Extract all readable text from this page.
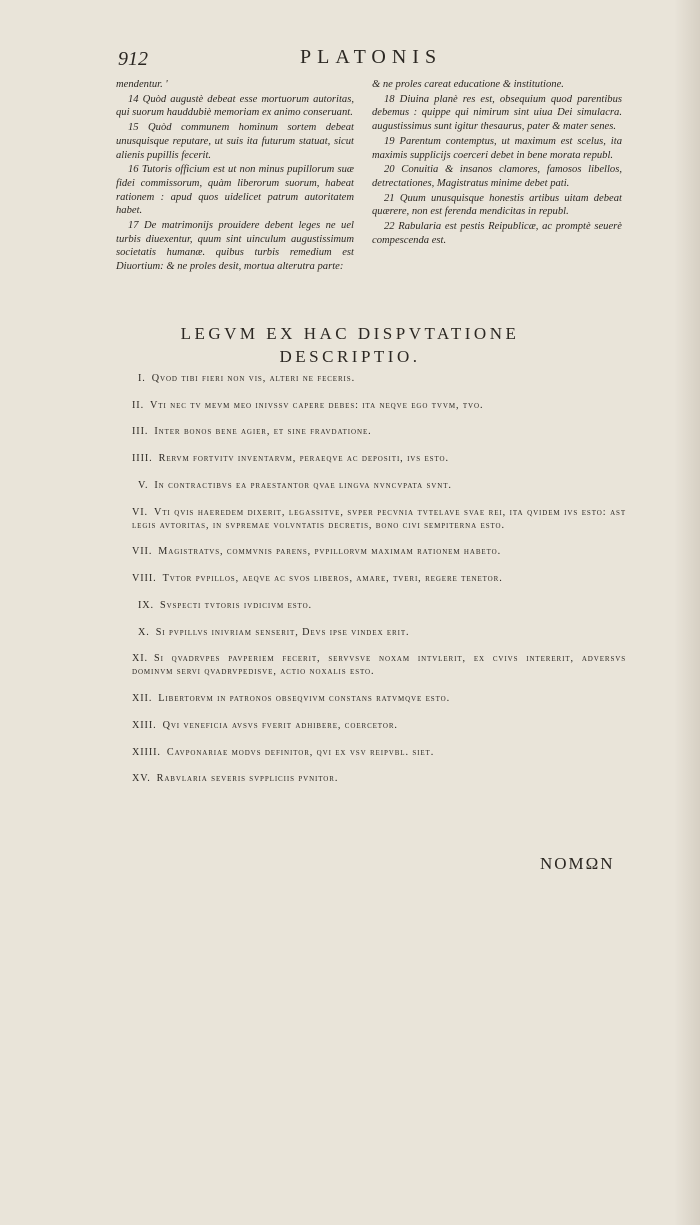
912	PLATONIS

mendentur. '

14 Quòd augustè debeat esse mortuorum autoritas, qui suorum hauddubiè memoriam ex animo conseruant.

15 Quòd communem hominum sortem debeat unusquisque reputare, ut suis ita futurum statuat, sicut alienis pupillis fecerit.

16 Tutoris officium est ut non minus pupillorum suæ fidei commissorum, quàm liberorum suorum, habeat rationem : apud quos uidelicet patrum autoritatem habet.

17 De matrimonijs prouidere debent leges ne uel turbis diuexentur, quum sint uinculum augustissimum societatis humanæ. quibus turbis remedium est Diuortium: & ne proles desit, mortua alterutra parte:

& ne proles careat educatione & institutione.

18 Diuina planè res est, obsequium quod parentibus debemus : quippe qui nimirum sint uiua Dei simulacra. augustissimus sunt igitur thesaurus, pater & mater senes.

19 Parentum contemptus, ut maximum est scelus, ita maximis supplicijs coerceri debet in bene morata republ.

20 Conuitia & insanos clamores, famosos libellos, detrectationes, Magistratus minime debet pati.

21 Quum unusquisque honestis artibus uitam debeat quærere, non est ferenda mendicitas in republ.

22 Rabularia est pestis Reipublicæ, ac promptè seuerè compescenda est.

LEGVM EX HAC DISPVTATIONE
DESCRIPTIO.
I. Qvod tibi fieri non vis, alteri ne feceris.
II. Vti nec tv mevm meo inivssv capere debes: ita neqve ego tvvm, tvo.
III. Inter bonos bene agier, et sine fravdatione.
IIII. Rervm fortvitv inventarvm, peraeqve ac depositi, ivs esto.
V. In contractibvs ea praestantor qvae lingva nvncvpata svnt.
VI. Vti qvis haeredem dixerit, legassitve, svper pecvnia tvtelave svae rei, ita qvidem ivs esto: ast legis avtoritas, in svpremae volvntatis decretis, bono civi sempiterna esto.
VII. Magistratvs, commvnis parens, pvpillorvm maximam rationem habeto.
VIII. Tvtor pvpillos, aeqve ac svos liberos, amare, tveri, regere tenetor.
IX. Svspecti tvtoris ivdicivm esto.
X. Si pvpillvs inivriam senserit, Devs ipse vindex erit.
XI. Si qvadrvpes pavperiem fecerit, servvsve noxam intvlerit, ex cvivs intererit, adversvs dominvm servi qvadrvpedisve, actio noxalis esto.
XII. Libertorvm in patronos obseqvivm constans ratvmqve esto.
XIII. Qvi veneficia avsvs fverit adhibere, coercetor.
XIIII. Cavponariae modvs definitor, qvi ex vsv reipvbl. siet.
XV. Rabvlaria severis svppliciis pvnitor.
ΝΟΜΩΝ
